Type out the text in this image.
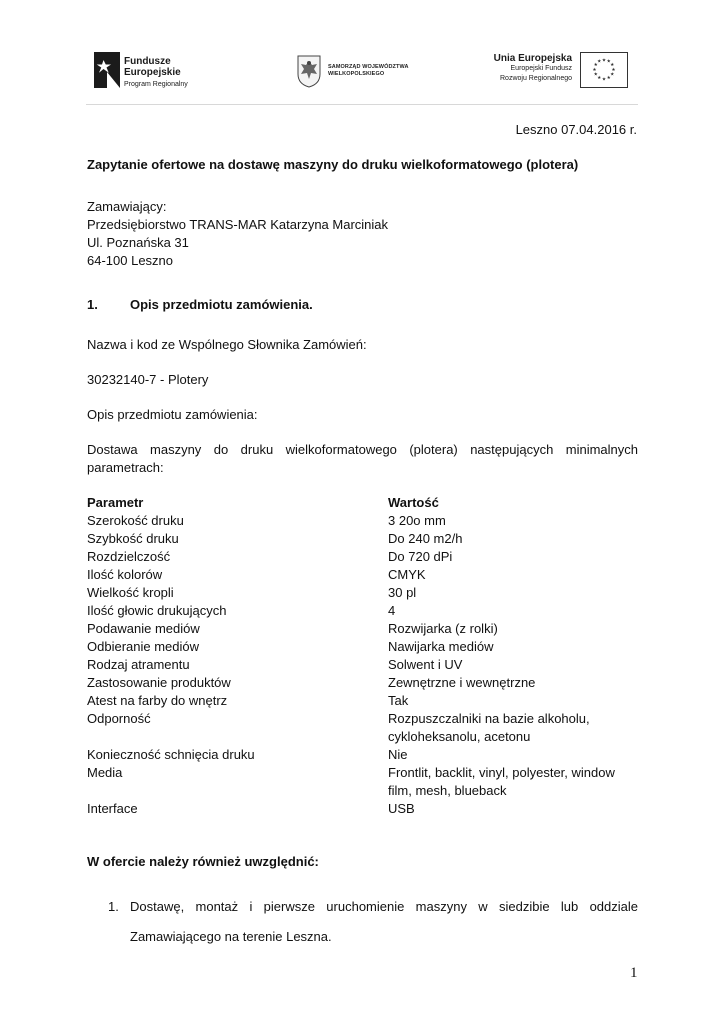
Fundusze
Europejskie
Program Regionalny
SAMORZĄD WOJEWÓDZTWA
WIELKOPOLSKIEGO
Unia Europejska
Europejski Fundusz
Rozwoju Regionalnego
★ ★
★
★
★
★
★
★
★
★
★
★
Leszno 07.04.2016 r.
Zapytanie ofertowe na dostawę maszyny do druku wielkoformatowego (plotera)
Zamawiający:
Przedsiębiorstwo TRANS-MAR Katarzyna Marciniak
Ul. Poznańska 31
64-100 Leszno
1. Opis przedmiotu zamówienia.
Nazwa i kod ze Wspólnego Słownika Zamówień:
30232140-7 - Plotery
Opis przedmiotu zamówienia:
Dostawa maszyny do druku wielkoformatowego (plotera) następujących minimalnych parametrach:
Parametr	Wartość
Szerokość druku	3 20o mm
Szybkość druku	Do 240 m2/h
Rozdzielczość	Do 720 dPi
Ilość kolorów	CMYK
Wielkość kropli	30 pl
Ilość głowic drukujących	4
Podawanie mediów	Rozwijarka (z rolki)
Odbieranie mediów	Nawijarka mediów
Rodzaj atramentu	Solwent i UV
Zastosowanie produktów	Zewnętrzne i wewnętrzne
Atest na farby do wnętrz	Tak
Odporność	Rozpuszczalniki na bazie alkoholu, cykloheksanolu, acetonu
Konieczność schnięcia druku	Nie
Media	Frontlit, backlit, vinyl, polyester, window film, mesh, blueback
Interface	USB
W ofercie należy również uwzględnić:
1. Dostawę, montaż i pierwsze uruchomienie maszyny w siedzibie lub oddziale Zamawiającego na terenie Leszna.
1
